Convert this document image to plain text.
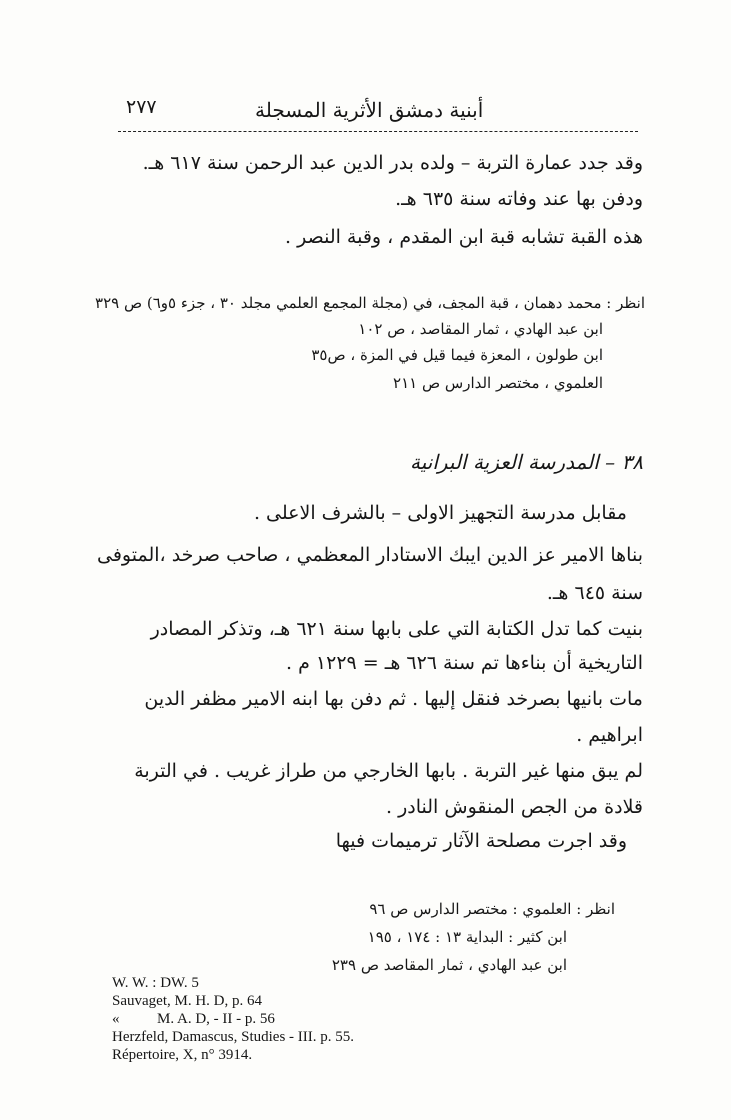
٢٧٧	أبنية دمشق الأثرية المسجلة
وقد جدد عمارة التربة – ولده بدر الدين عبد الرحمن سنة ٦١٧ هـ.
ودفن بها عند وفاته سنة ٦٣٥ هـ.
هذه القبة تشابه قبة ابن المقدم ، وقبة النصر .
انظر : محمد دهمان ، قبة المجف، في (مجلة المجمع العلمي مجلد ٣٠ ، جزء ٥و٦) ص ٣٢٩
ابن عبد الهادي ، ثمار المقاصد ، ص ١٠٢
ابن طولون ، المعزة فيما قيل في المزة ، ص٣٥
العلموي ، مختصر الدارس ص ٢١١
٣٨ – المدرسة العزية البرانية
مقابل مدرسة التجهيز الاولى – بالشرف الاعلى .
بناها الامير عز الدين ايبك الاستادار المعظمي ، صاحب صرخد ،المتوفى
سنة ٦٤٥ هـ.
بنيت كما تدل الكتابة التي على بابها سنة ٦٢١ هـ، وتذكر المصادر
التاريخية أن بناءها تم سنة ٦٢٦ هـ = ١٢٢٩ م .
مات بانيها بصرخد فنقل إليها . ثم دفن بها ابنه الامير مظفر الدين
ابراهيم .
لم يبق منها غير التربة . بابها الخارجي من طراز غريب . في التربة
قلادة من الجص المنقوش النادر .
وقد اجرت مصلحة الآثار ترميمات فيها
انظر : العلموي : مختصر الدارس ص ٩٦
ابن كثير : البداية ١٣ : ١٧٤ ، ١٩٥
ابن عبد الهادي ، ثمار المقاصد ص ٢٣٩
W. W. : DW. 5
Sauvaget, M. H. D, p. 64
«          M. A. D, - II - p. 56
Herzfeld, Damascus, Studies - III. p. 55.
Répertoire, X, n° 3914.
